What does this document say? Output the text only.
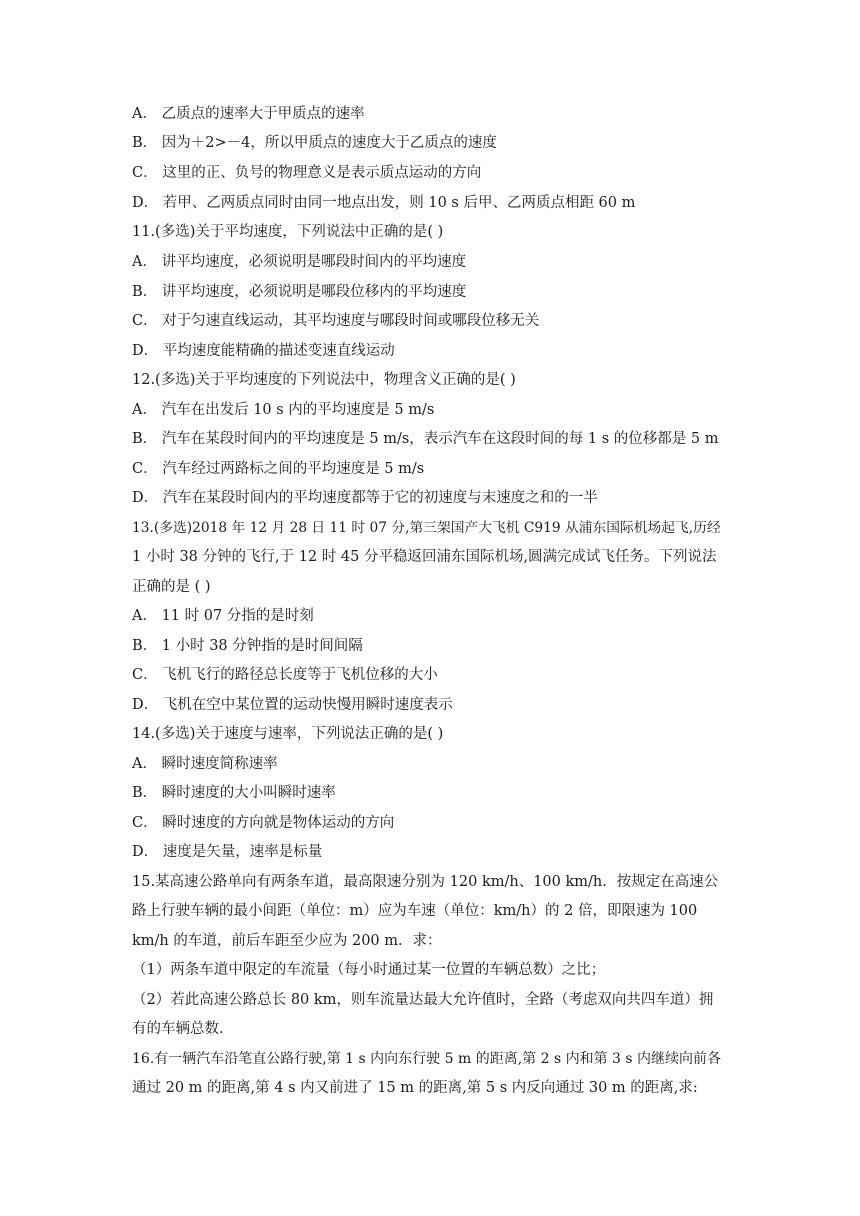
A． 乙质点的速率大于甲质点的速率
B． 因为＋2>－4，所以甲质点的速度大于乙质点的速度
C． 这里的正、负号的物理意义是表示质点运动的方向
D． 若甲、乙两质点同时由同一地点出发，则 10 s 后甲、乙两质点相距 60 m
11.(多选)关于平均速度，下列说法中正确的是( )
A． 讲平均速度，必须说明是哪段时间内的平均速度
B． 讲平均速度，必须说明是哪段位移内的平均速度
C． 对于匀速直线运动，其平均速度与哪段时间或哪段位移无关
D． 平均速度能精确的描述变速直线运动
12.(多选)关于平均速度的下列说法中，物理含义正确的是( )
A． 汽车在出发后 10 s 内的平均速度是 5 m/s
B． 汽车在某段时间内的平均速度是 5 m/s，表示汽车在这段时间的每 1 s 的位移都是 5 m
C． 汽车经过两路标之间的平均速度是 5 m/s
D． 汽车在某段时间内的平均速度都等于它的初速度与末速度之和的一半
13.(多选)2018 年 12 月 28 日 11 时 07 分,第三架国产大飞机 C919 从浦东国际机场起飞,历经
1 小时 38 分钟的飞行,于 12 时 45 分平稳返回浦东国际机场,圆满完成试飞任务。下列说法
正确的是 ( )
A． 11 时 07 分指的是时刻
B． 1 小时 38 分钟指的是时间间隔
C． 飞机飞行的路径总长度等于飞机位移的大小
D． 飞机在空中某位置的运动快慢用瞬时速度表示
14.(多选)关于速度与速率，下列说法正确的是( )
A． 瞬时速度简称速率
B． 瞬时速度的大小叫瞬时速率
C． 瞬时速度的方向就是物体运动的方向
D． 速度是矢量，速率是标量
15.某高速公路单向有两条车道，最高限速分别为 120 km/h、100 km/h．按规定在高速公
路上行驶车辆的最小间距（单位：m）应为车速（单位：km/h）的 2 倍，即限速为 100
km/h 的车道，前后车距至少应为 200 m．求：
（1）两条车道中限定的车流量（每小时通过某一位置的车辆总数）之比；
（2）若此高速公路总长 80 km，则车流量达最大允许值时，全路（考虑双向共四车道）拥
有的车辆总数．
16.有一辆汽车沿笔直公路行驶,第 1 s 内向东行驶 5 m 的距离,第 2 s 内和第 3 s 内继续向前各
通过 20 m 的距离,第 4 s 内又前进了 15 m 的距离,第 5 s 内反向通过 30 m 的距离,求:
